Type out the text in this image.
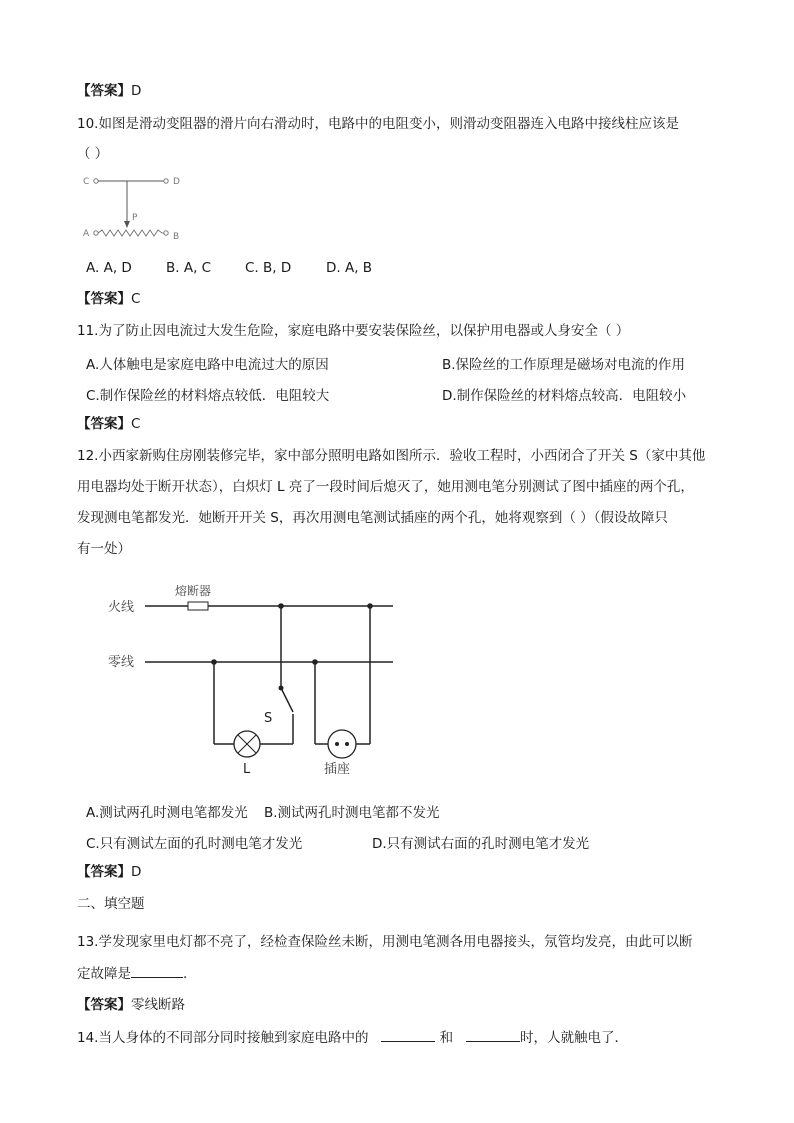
【答案】D
10.如图是滑动变阻器的滑片向右滑动时，电路中的电阻变小，则滑动变阻器连入电路中接线柱应该是
（ ）
C	D
P
A	B
A. A, D	B. A, C	C. B, D	D. A, B
【答案】C
11.为了防止因电流过大发生危险，家庭电路中要安装保险丝，以保护用电器或人身安全（ ）
A.人体触电是家庭电路中电流过大的原因	B.保险丝的工作原理是磁场对电流的作用
C.制作保险丝的材料熔点较低．电阻较大	D.制作保险丝的材料熔点较高．电阻较小
【答案】C
12.小西家新购住房刚装修完毕，家中部分照明电路如图所示．验收工程时，小西闭合了开关 S（家中其他
用电器均处于断开状态），白炽灯 L 亮了一段时间后熄灭了，她用测电笔分别测试了图中插座的两个孔，
发现测电笔都发光．她断开开关 S，再次用测电笔测试插座的两个孔，她将观察到（ ）（假设故障只
有一处）
火线
熔断器
零线
S
L	插座
A.测试两孔时测电笔都发光 B.测试两孔时测电笔都不发光
C.只有测试左面的孔时测电笔才发光	D.只有测试右面的孔时测电笔才发光
【答案】D
二、填空题
13.学发现家里电灯都不亮了，经检查保险丝未断，用测电笔测各用电器接头，氖管均发亮，由此可以断
定故障是	.
【答案】零线断路
14.当人身体的不同部分同时接触到家庭电路中的	和	时，人就触电了．
